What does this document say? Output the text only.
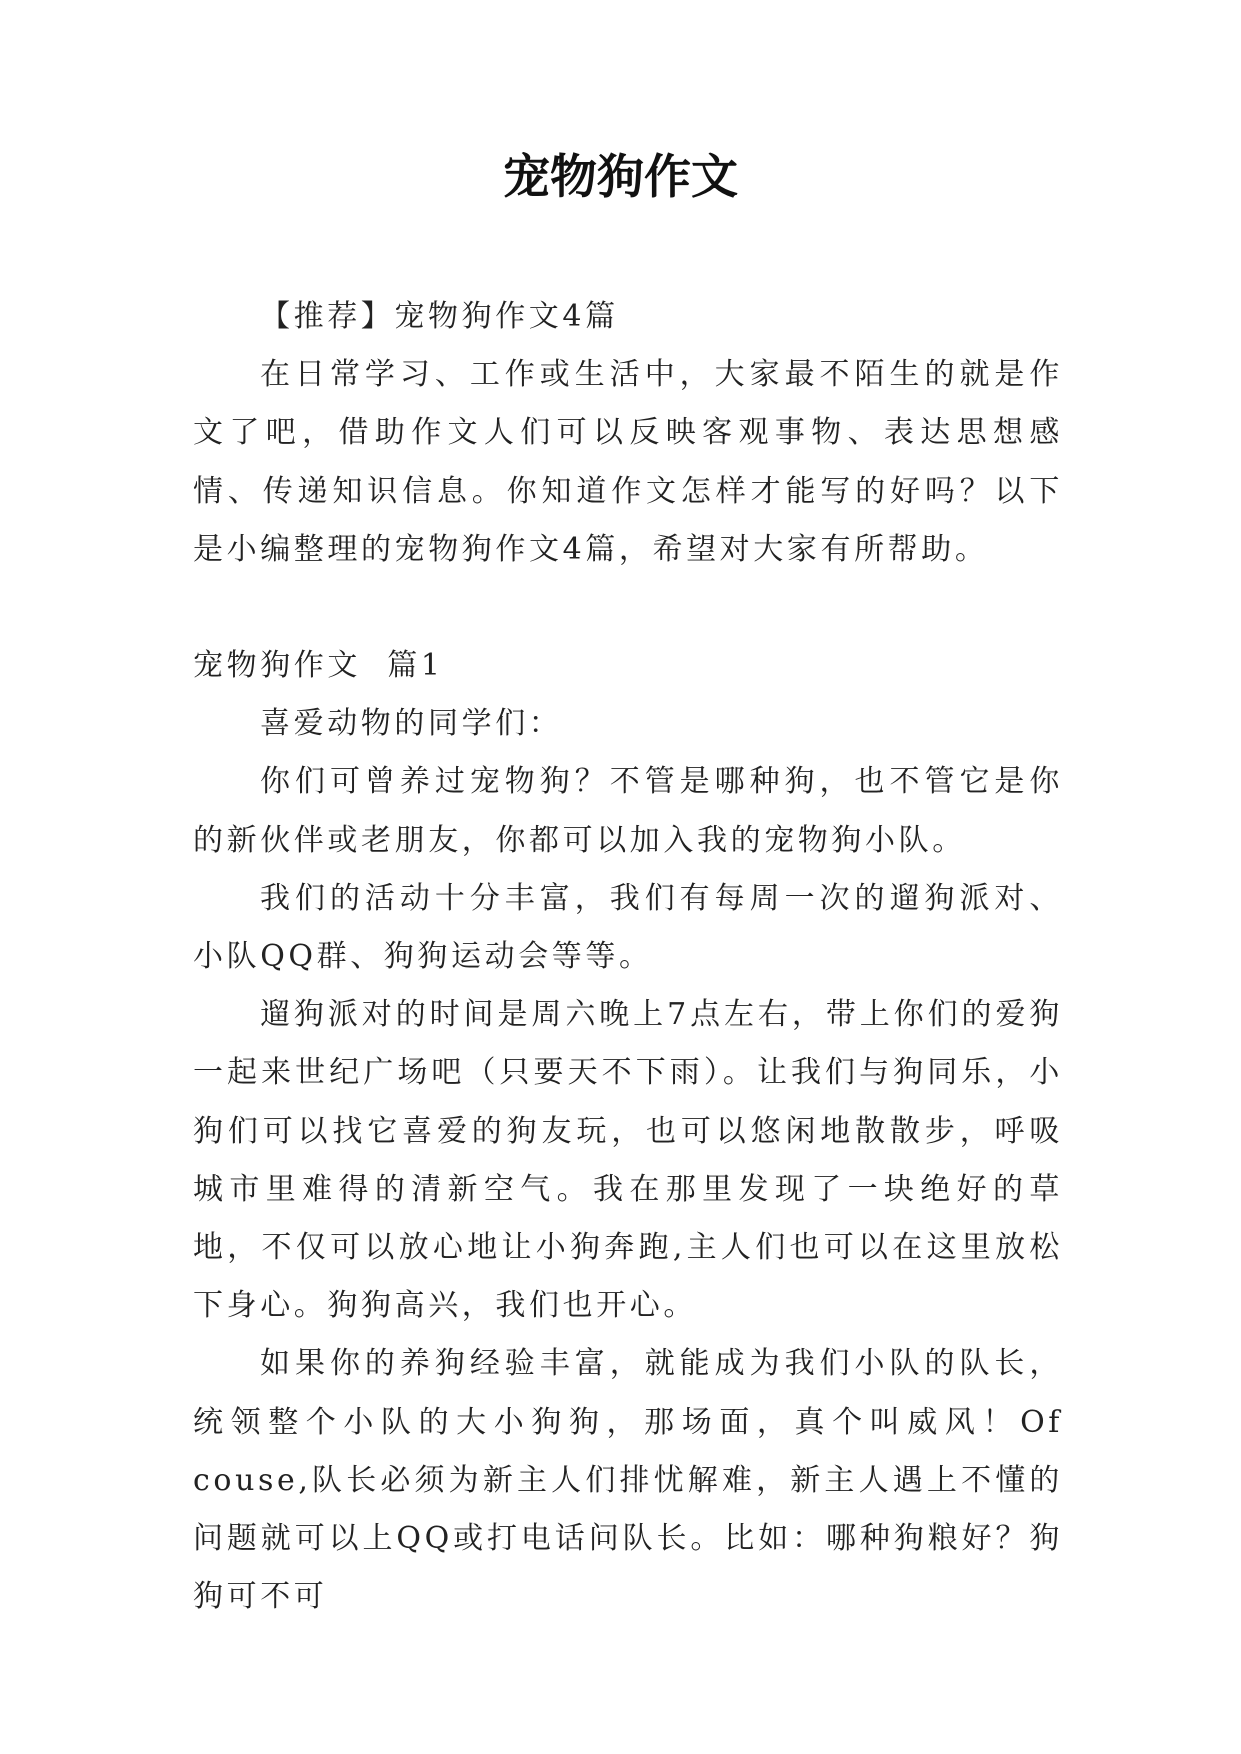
宠物狗作文

【推荐】宠物狗作文4篇

在日常学习、工作或生活中，大家最不陌生的就是作文了吧，借助作文人们可以反映客观事物、表达思想感情、传递知识信息。你知道作文怎样才能写的好吗？以下是小编整理的宠物狗作文4篇，希望对大家有所帮助。

宠物狗作文  篇1

喜爱动物的同学们：

你们可曾养过宠物狗？不管是哪种狗，也不管它是你的新伙伴或老朋友，你都可以加入我的宠物狗小队。

我们的活动十分丰富，我们有每周一次的遛狗派对、小队QQ群、狗狗运动会等等。

遛狗派对的时间是周六晚上7点左右，带上你们的爱狗一起来世纪广场吧（只要天不下雨）。让我们与狗同乐，小狗们可以找它喜爱的狗友玩，也可以悠闲地散散步，呼吸城市里难得的清新空气。我在那里发现了一块绝好的草地，不仅可以放心地让小狗奔跑,主人们也可以在这里放松下身心。狗狗高兴，我们也开心。

如果你的养狗经验丰富，就能成为我们小队的队长，统领整个小队的大小狗狗，那场面，真个叫威风！Of couse,队长必须为新主人们排忧解难，新主人遇上不懂的问题就可以上QQ或打电话问队长。比如：哪种狗粮好？狗狗可不可
